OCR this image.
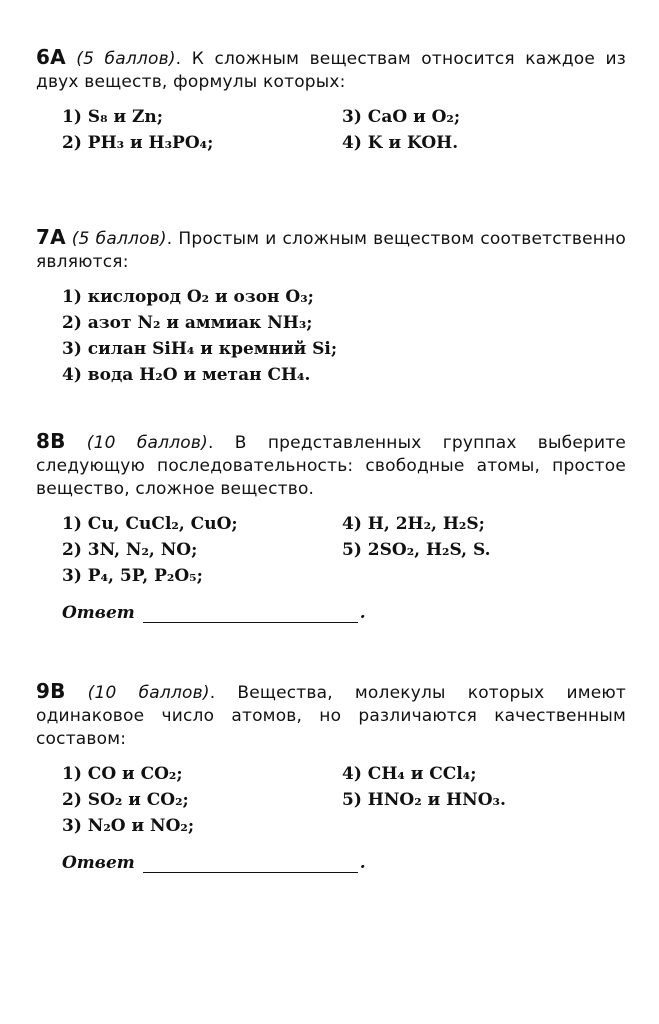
6A (5 баллов). К сложным веществам относится каждое из двух веществ, формулы которых:
1) S₈ и Zn;	3) CaO и O₂;
2) PH₃ и H₃PO₄;	4) K и KOH.
7A (5 баллов). Простым и сложным веществом соответственно являются:
1) кислород O₂ и озон O₃;
2) азот N₂ и аммиак NH₃;
3) силан SiH₄ и кремний Si;
4) вода H₂O и метан CH₄.
8B (10 баллов). В представленных группах выберите следующую последовательность: свободные атомы, простое вещество, сложное вещество.
1) Cu, CuCl₂, CuO;	4) H, 2H₂, H₂S;
2) 3N, N₂, NO;	5) 2SO₂, H₂S, S.
3) P₄, 5P, P₂O₅;
Ответ	.
9B (10 баллов). Вещества, молекулы которых имеют одинаковое число атомов, но различаются качественным составом:
1) CO и CO₂;	4) CH₄ и CCl₄;
2) SO₂ и CO₂;	5) HNO₂ и HNO₃.
3) N₂O и NO₂;
Ответ	.
